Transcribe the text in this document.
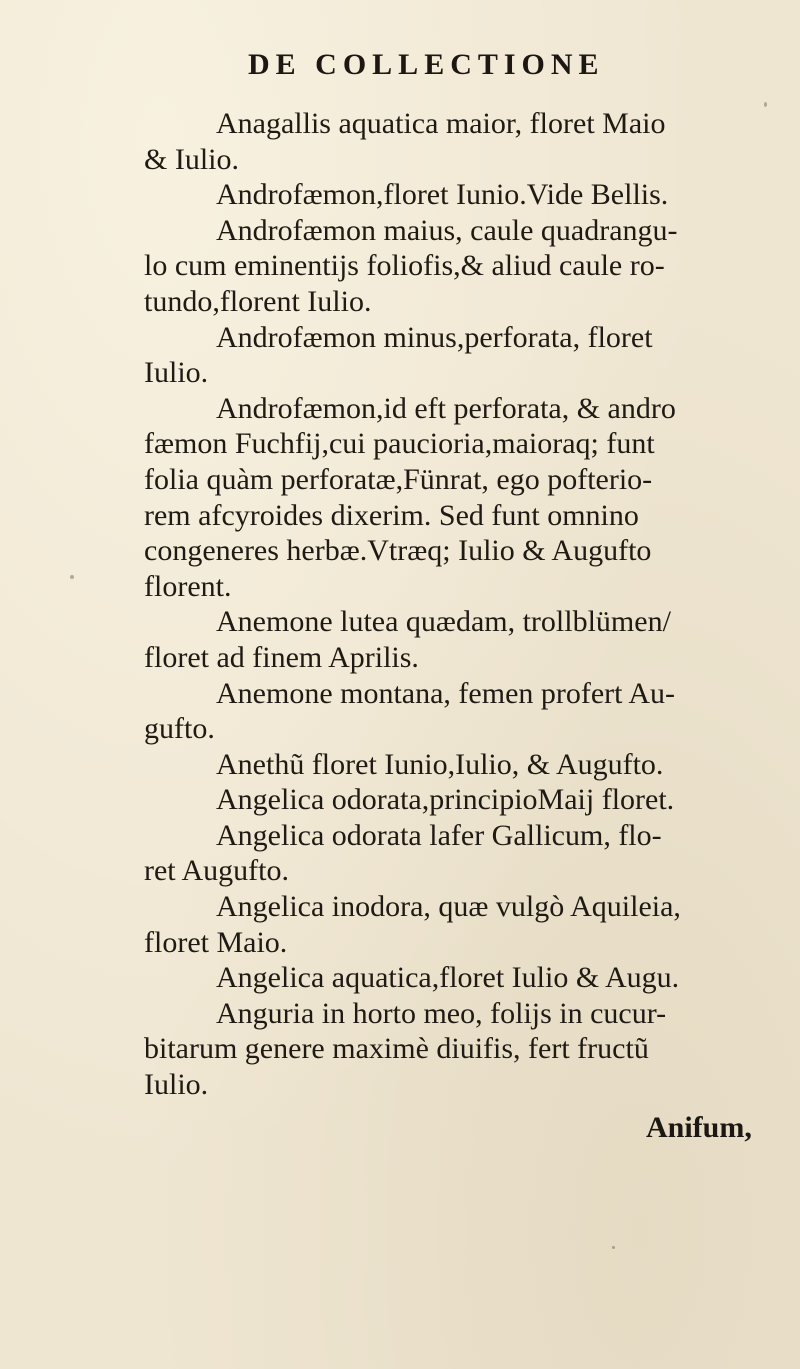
DE COLLECTIONE
Anagallis aquatica maior, floret Maio
& Iulio.
Androfæmon,floret Iunio.Vide Bellis.
Androfæmon maius, caule quadrangu-
lo cum eminentijs foliofis,& aliud caule ro-
tundo,florent Iulio.
Androfæmon minus,perforata, floret
Iulio.
Androfæmon,id eft perforata, & andro
fæmon Fuchfij,cui paucioria,maioraq; funt
folia quàm perforatæ,Fünrat, ego pofterio-
rem afcyroides dixerim. Sed funt omnino
congeneres herbæ.Vtræq; Iulio & Augufto
florent.
Anemone lutea quædam, trollblümen/
floret ad finem Aprilis.
Anemone montana, femen profert Au-
gufto.
Anethũ floret Iunio,Iulio, & Augufto.
Angelica odorata,principioMaij floret.
Angelica odorata lafer Gallicum, flo-
ret Augufto.
Angelica inodora, quæ vulgò Aquileia,
floret Maio.
Angelica aquatica,floret Iulio & Augu.
Anguria in horto meo, folijs in cucur-
bitarum genere maximè diuifis, fert fructũ
Iulio.
Anifum,
